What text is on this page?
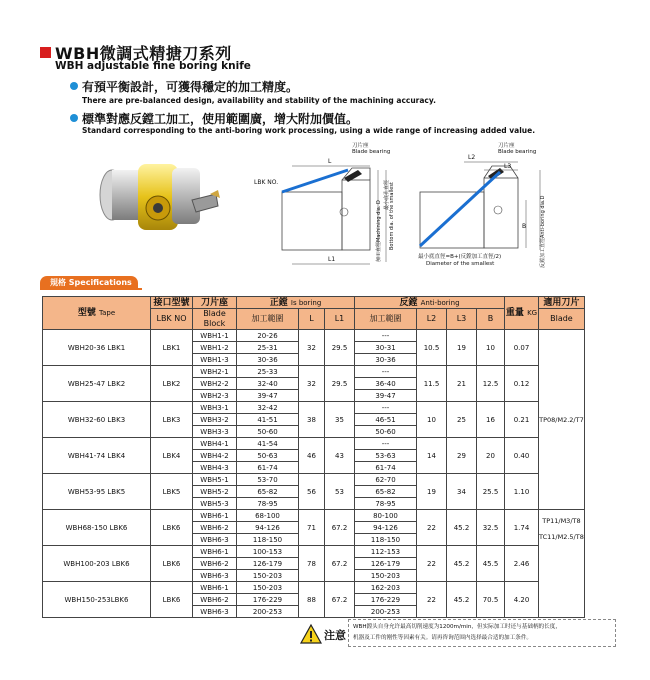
WBH微調式精搪刀系列
WBH adjustable fine boring knife
有預平衡設計，可獲得穩定的加工精度。
There are pre-balanced design, availability and stability of the machining accuracy.
標準對應反鏜工加工，使用範圍廣，增大附加價值。
Standard corresponding to the anti-boring work processing, using a wide range of increasing added value.
LBK NO.
L
L1
刀片座
Blade bearing
加工直徑Machining dia. D
最小底孔直徑 Bottom dia. of the smallest
L2
L3
B
刀片座
Blade bearing
反鏜加工直徑Anti-boring dia.D
最小底直徑=B+(反鏜加工直徑/2)
Diameter of the smallest
規格 Specifications
型號 Tape	接口型號	刀片座	正鏜 Is boring			反鏜 Anti-boring				重量 KG	適用刀片
	LBK NO	Blade Block	加工範圍	L	L1	加工範圍	L2	L3	B		Blade
WBH20-36 LBK1	LBK1	WBH1-1	20-26	32	29.5	---	10.5	19	10	0.07	TP08/M2.2/T7
		WBH1-2	25-31			30-31					
		WBH1-3	30-36			30-36					
WBH25-47 LBK2	LBK2	WBH2-1	25-33	32	29.5	---	11.5	21	12.5	0.12	
		WBH2-2	32-40			36-40					
		WBH2-3	39-47			39-47					
WBH32-60 LBK3	LBK3	WBH3-1	32-42	38	35	---	10	25	16	0.21	
		WBH3-2	41-51			46-51					
		WBH3-3	50-60			50-60					
WBH41-74 LBK4	LBK4	WBH4-1	41-54	46	43	---	14	29	20	0.40	
		WBH4-2	50-63			53-63					
		WBH4-3	61-74			61-74					
WBH53-95 LBK5	LBK5	WBH5-1	53-70	56	53	62-70	19	34	25.5	1.10	
		WBH5-2	65-82			65-82					
		WBH5-3	78-95			78-95					
WBH68-150 LBK6	LBK6	WBH6-1	68-100	71	67.2	80-100	22	45.2	32.5	1.74	TP11/M3/T8
TC11/M2.5/T8

		WBH6-2	94-126			94-126					
		WBH6-3	118-150			118-150					
WBH100-203 LBK6	LBK6	WBH6-1	100-153	78	67.2	112-153	22	45.2	45.5	2.46	
		WBH6-2	126-179			126-179					
		WBH6-3	150-203			150-203					
WBH150-253LBK6	LBK6	WBH6-1	150-203	88	67.2	162-203	22	45.2	70.5	4.20	
		WBH6-2	176-229			176-229					
		WBH6-3	200-253			200-253					
注意
WBH鏜头自身允许最高切削速度为1200m/min，但实际加工时还与基础柄的长度，
机器及工件的刚性等因素有关。请再咨询范围内选择最合适的加工条件。
